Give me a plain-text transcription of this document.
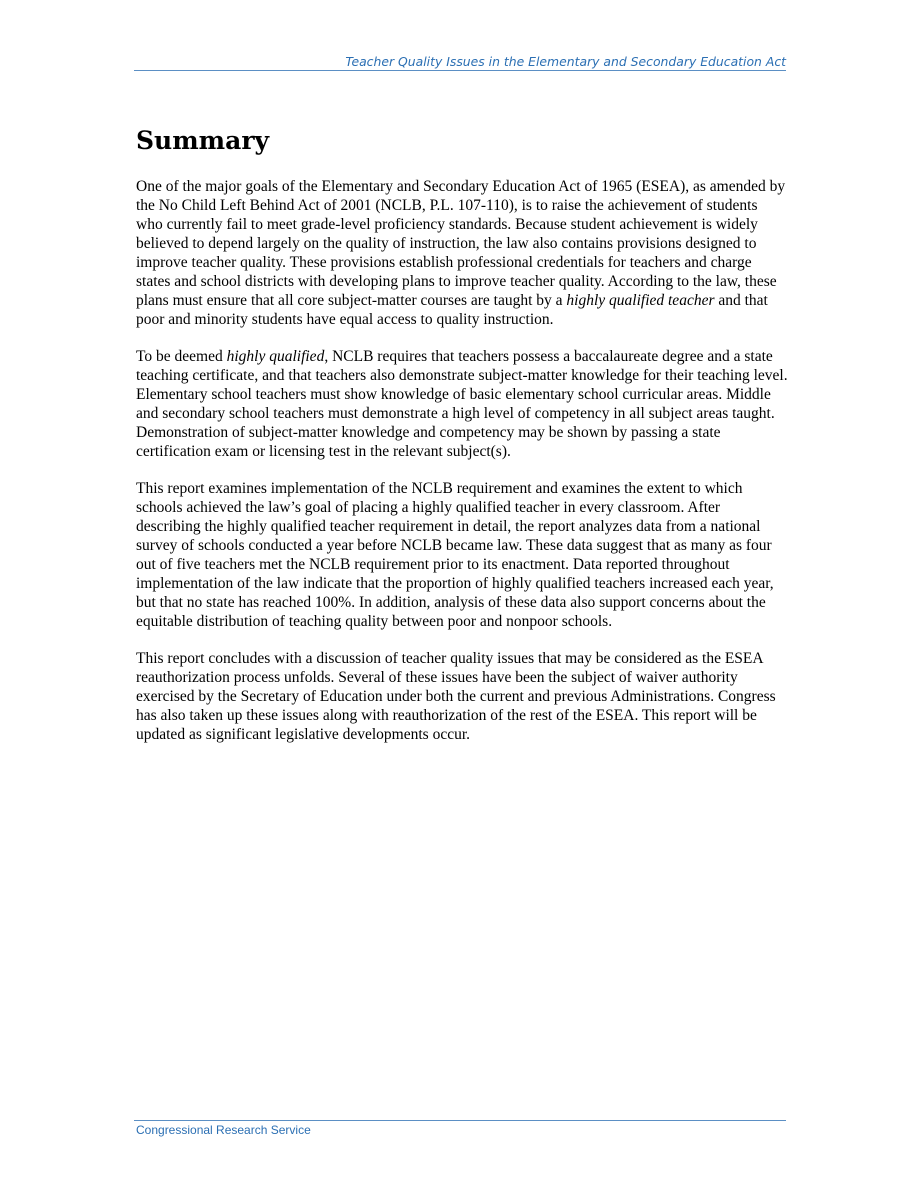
Teacher Quality Issues in the Elementary and Secondary Education Act
Summary

One of the major goals of the Elementary and Secondary Education Act of 1965 (ESEA), as amended by the No Child Left Behind Act of 2001 (NCLB, P.L. 107-110), is to raise the achievement of students who currently fail to meet grade-level proficiency standards. Because student achievement is widely believed to depend largely on the quality of instruction, the law also contains provisions designed to improve teacher quality. These provisions establish professional credentials for teachers and charge states and school districts with developing plans to improve teacher quality. According to the law, these plans must ensure that all core subject-matter courses are taught by a highly qualified teacher and that poor and minority students have equal access to quality instruction.

To be deemed highly qualified, NCLB requires that teachers possess a baccalaureate degree and a state teaching certificate, and that teachers also demonstrate subject-matter knowledge for their teaching level. Elementary school teachers must show knowledge of basic elementary school curricular areas. Middle and secondary school teachers must demonstrate a high level of competency in all subject areas taught. Demonstration of subject-matter knowledge and competency may be shown by passing a state certification exam or licensing test in the relevant subject(s).

This report examines implementation of the NCLB requirement and examines the extent to which schools achieved the law’s goal of placing a highly qualified teacher in every classroom. After describing the highly qualified teacher requirement in detail, the report analyzes data from a national survey of schools conducted a year before NCLB became law. These data suggest that as many as four out of five teachers met the NCLB requirement prior to its enactment. Data reported throughout implementation of the law indicate that the proportion of highly qualified teachers increased each year, but that no state has reached 100%. In addition, analysis of these data also support concerns about the equitable distribution of teaching quality between poor and nonpoor schools.

This report concludes with a discussion of teacher quality issues that may be considered as the ESEA reauthorization process unfolds. Several of these issues have been the subject of waiver authority exercised by the Secretary of Education under both the current and previous Administrations. Congress has also taken up these issues along with reauthorization of the rest of the ESEA. This report will be updated as significant legislative developments occur.

Congressional Research Service
